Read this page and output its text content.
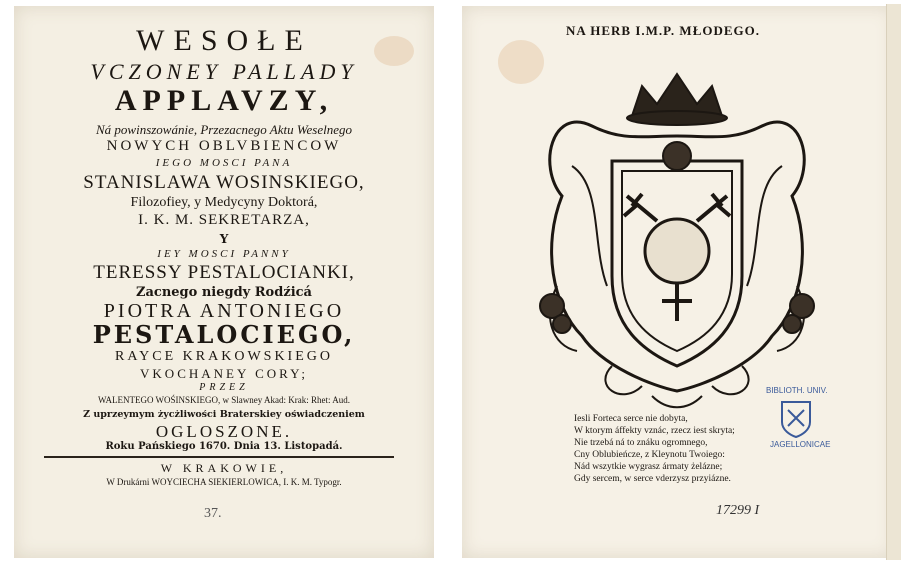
WESOŁE
VCZONEY PALLADY
APPLAVZY,
Ná powinszowánie, Przezacnego Aktu Weselnego
NOWYCH OBLVBIENCOW
IEGO MOSCI PANA
STANISLAWA WOSINSKIEGO,
Filozofiey, y Medycyny Doktorá,
I. K. M. SEKRETARZA,
Y
IEY MOSCI PANNY
TERESSY PESTALOCIANKI,
Zacnego niegdy Rodźicá
PIOTRA ANTONIEGO
PESTALOCIEGO,
RAYCE KRAKOWSKIEGO
VKOCHANEY CORY;
PRZEZ
WALENTEGO WOŚINSKIEGO, w Slawney Akad: Krak: Rhet: Aud.
Z uprzeymym życżliwości Braterskiey oświadczeniem
OGLOSZONE.
Roku Pańskiego 1670. Dnia 13. Listopadá.
W KRAKOWIE,
W Drukárni WOYCIECHA SIEKIERLOWICA, I. K. M. Typogr.
37.
NA HERB I.M.P. MŁODEGO.
Iesli Forteca serce nie dobyta,
W ktorym áffekty vznác, rzecz iest skryta;
Nie trzebá ná to znáku ogromnego,
Cny Oblubieńcze, z Kleynotu Twoiego:
Nád wszytkie wygrasz ármaty żelázne;
Gdy sercem, w serce vderzysz przyiázne.
BIBLIOTH. UNIV.
JAGELLONICAE
17299 I
